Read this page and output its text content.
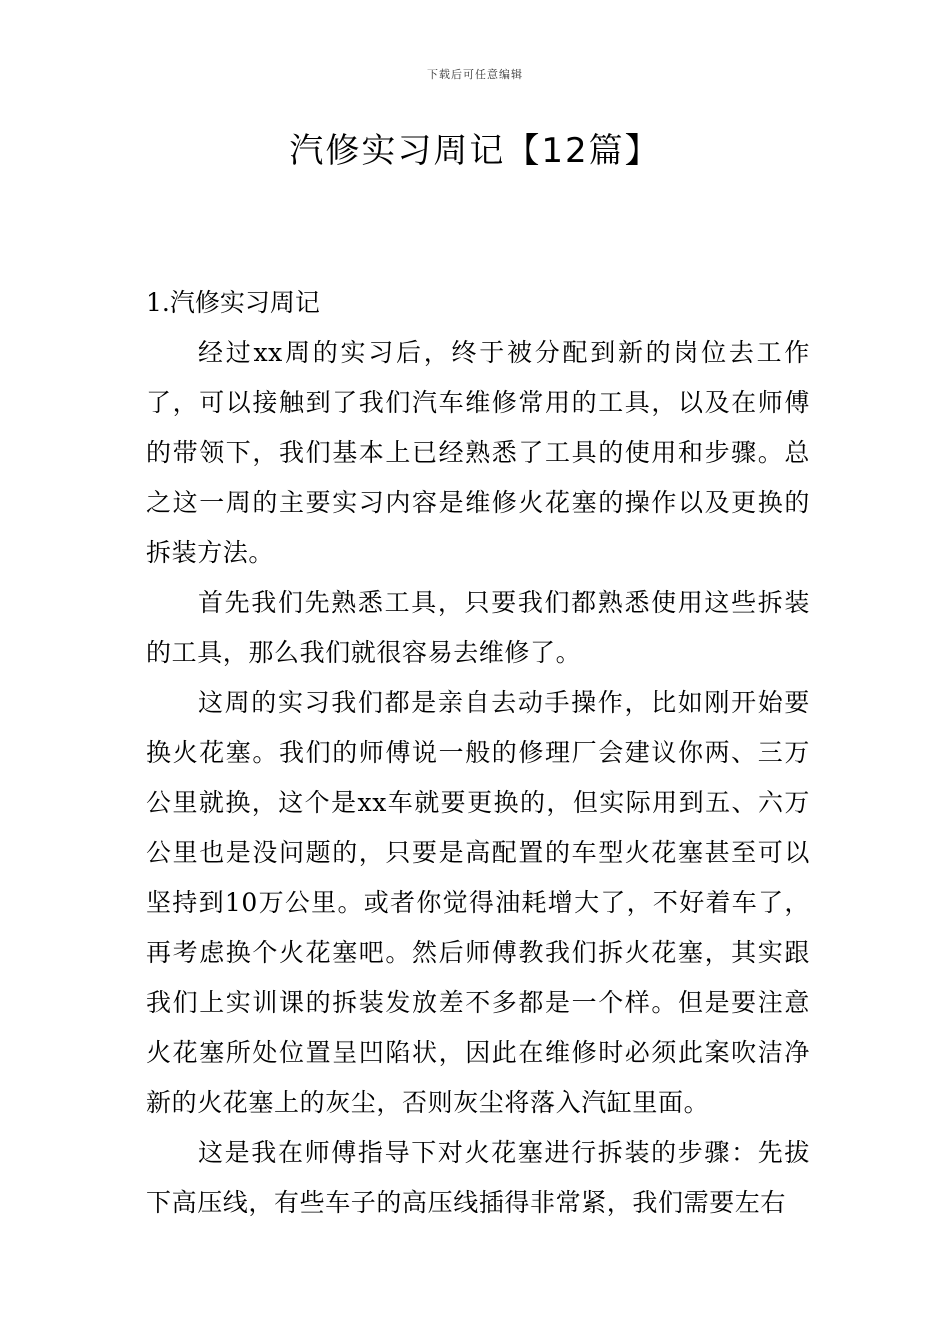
下载后可任意编辑
汽修实习周记【12篇】
1.汽修实习周记

经过xx周的实习后，终于被分配到新的岗位去工作了，可以接触到了我们汽车维修常用的工具，以及在师傅的带领下，我们基本上已经熟悉了工具的使用和步骤。总之这一周的主要实习内容是维修火花塞的操作以及更换的拆装方法。

首先我们先熟悉工具，只要我们都熟悉使用这些拆装的工具，那么我们就很容易去维修了。

这周的实习我们都是亲自去动手操作，比如刚开始要换火花塞。我们的师傅说一般的修理厂会建议你两、三万公里就换，这个是xx车就要更换的，但实际用到五、六万公里也是没问题的，只要是高配置的车型火花塞甚至可以坚持到10万公里。或者你觉得油耗增大了，不好着车了，再考虑换个火花塞吧。然后师傅教我们拆火花塞，其实跟我们上实训课的拆装发放差不多都是一个样。但是要注意火花塞所处位置呈凹陷状，因此在维修时必须此案吹洁净新的火花塞上的灰尘，否则灰尘将落入汽缸里面。

这是我在师傅指导下对火花塞进行拆装的步骤：先拔下高压线，有些车子的高压线插得非常紧，我们需要左右
